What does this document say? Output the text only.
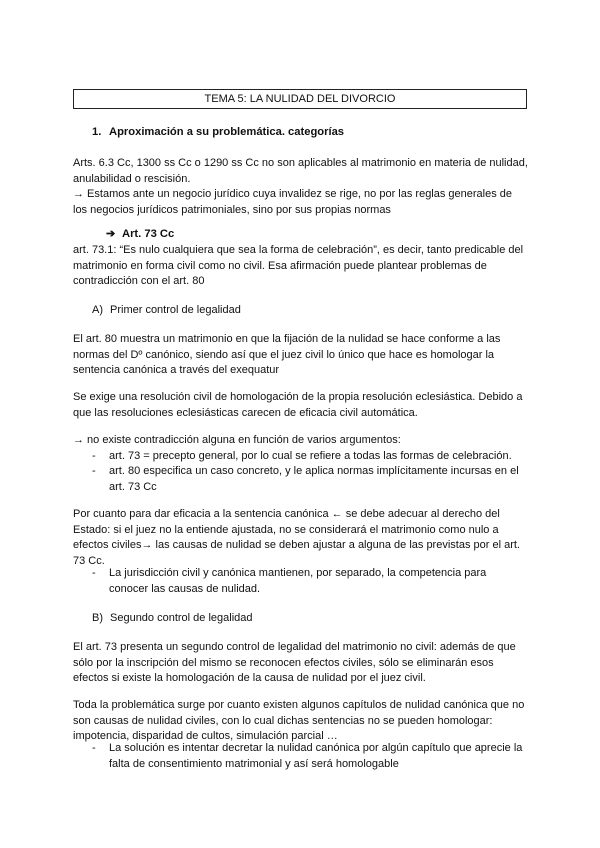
TEMA 5: LA NULIDAD DEL DIVORCIO
1. Aproximación a su problemática. categorías

Arts. 6.3 Cc, 1300 ss Cc o 1290 ss Cc no son aplicables al matrimonio en materia de nulidad, anulabilidad o rescisión.

→ Estamos ante un negocio jurídico cuya invalidez se rige, no por las reglas generales de los negocios jurídicos patrimoniales, sino por sus propias normas

➔ Art. 73 Cc

art. 73.1: “Es nulo cualquiera que sea la forma de celebración”, es decir, tanto predicable del matrimonio en forma civil como no civil. Esa afirmación puede plantear problemas de contradicción con el art. 80

A) Primer control de legalidad

El art. 80 muestra un matrimonio en que la fijación de la nulidad se hace conforme a las normas del Dº canónico, siendo así que el juez civil lo único que hace es homologar la sentencia canónica a través del exequatur

Se exige una resolución civil de homologación de la propia resolución eclesiástica. Debido a que las resoluciones eclesiásticas carecen de eficacia civil automática.

→ no existe contradicción alguna en función de varios argumentos:

- art. 73 = precepto general, por lo cual se refiere a todas las formas de celebración.
- art. 80 especifica un caso concreto, y le aplica normas implícitamente incursas en el art. 73 Cc

Por cuanto para dar eficacia a la sentencia canónica ← se debe adecuar al derecho del Estado: si el juez no la entiende ajustada, no se considerará el matrimonio como nulo a efectos civiles→ las causas de nulidad se deben ajustar a alguna de las previstas por el art. 73 Cc.

- La jurisdicción civil y canónica mantienen, por separado, la competencia para conocer las causas de nulidad.
B) Segundo control de legalidad

El art. 73 presenta un segundo control de legalidad del matrimonio no civil: además de que sólo por la inscripción del mismo se reconocen efectos civiles, sólo se eliminarán esos efectos si existe la homologación de la causa de nulidad por el juez civil.

Toda la problemática surge por cuanto existen algunos capítulos de nulidad canónica que no son causas de nulidad civiles, con lo cual dichas sentencias no se pueden homologar: impotencia, disparidad de cultos, simulación parcial …

- La solución es intentar decretar la nulidad canónica por algún capítulo que aprecie la falta de consentimiento matrimonial y así será homologable
